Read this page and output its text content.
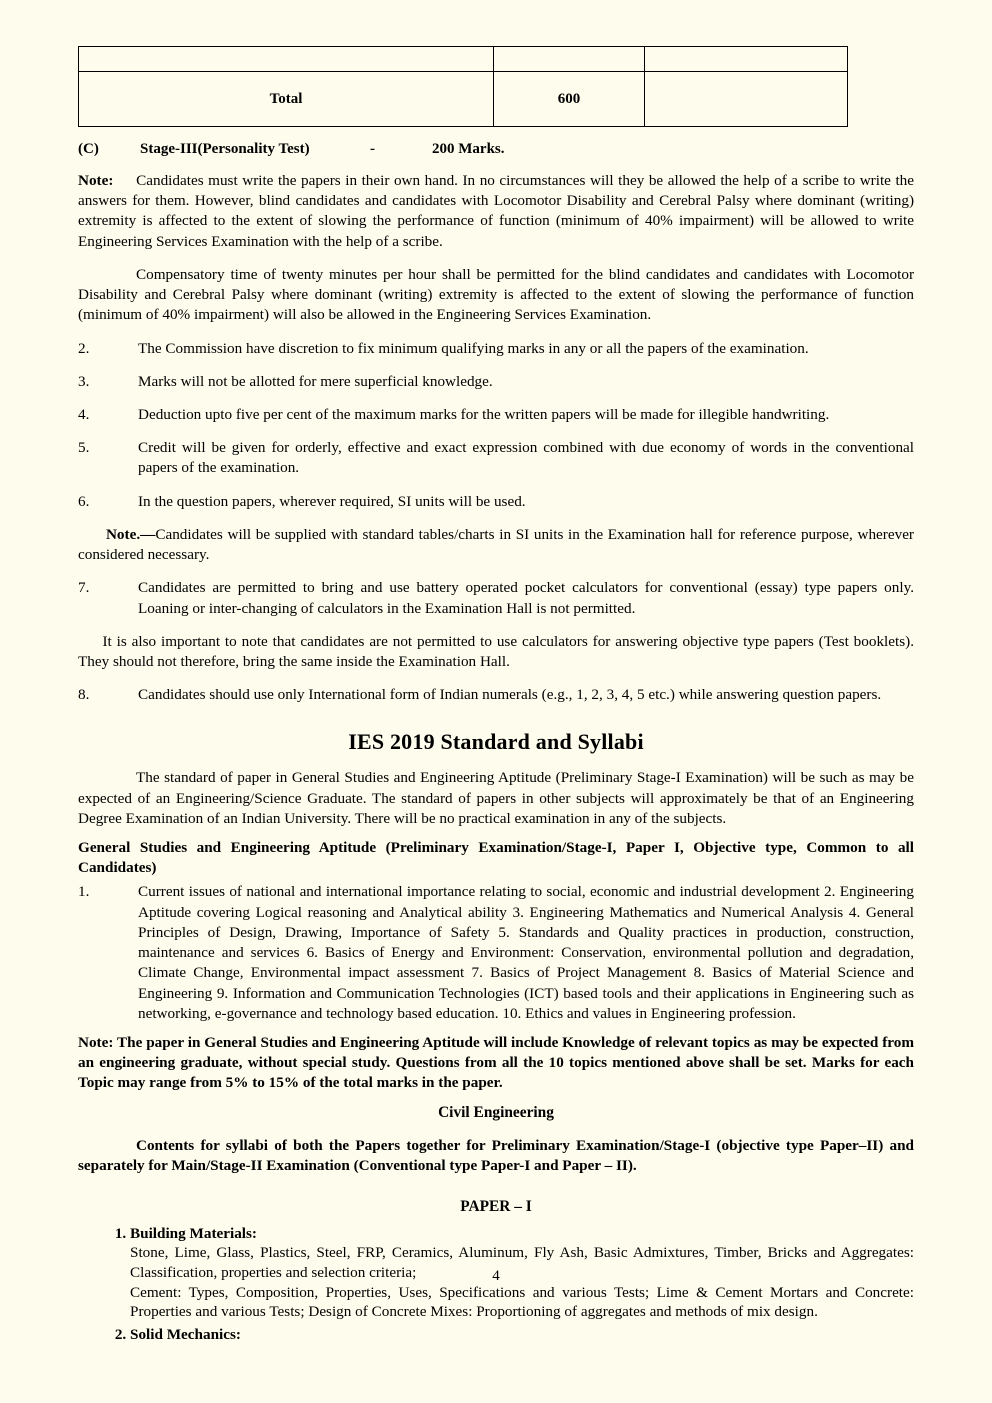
Total	600	
(C)	Stage-III(Personality Test)	-	200 Marks.

Note: Candidates must write the papers in their own hand. In no circumstances will they be allowed the help of a scribe to write the answers for them. However, blind candidates and candidates with Locomotor Disability and Cerebral Palsy where dominant (writing) extremity is affected to the extent of slowing the performance of function (minimum of 40% impairment) will be allowed to write Engineering Services Examination with the help of a scribe.

Compensatory time of twenty minutes per hour shall be permitted for the blind candidates and candidates with Locomotor Disability and Cerebral Palsy where dominant (writing) extremity is affected to the extent of slowing the performance of function (minimum of 40% impairment) will also be allowed in the Engineering Services Examination.

2.	The Commission have discretion to fix minimum qualifying marks in any or all the papers of the examination.
3.	Marks will not be allotted for mere superficial knowledge.
4.	Deduction upto five per cent of the maximum marks for the written papers will be made for illegible handwriting.
5.	Credit will be given for orderly, effective and exact expression combined with due economy of words in the conventional papers of the examination.
6.	In the question papers, wherever required, SI units will be used.

Note.—Candidates will be supplied with standard tables/charts in SI units in the Examination hall for reference purpose, wherever considered necessary.

7.	Candidates are permitted to bring and use battery operated pocket calculators for conventional (essay) type papers only. Loaning or inter-changing of calculators in the Examination Hall is not permitted.

It is also important to note that candidates are not permitted to use calculators for answering objective type papers (Test booklets). They should not therefore, bring the same inside the Examination Hall.

8.	Candidates should use only International form of Indian numerals (e.g., 1, 2, 3, 4, 5 etc.) while answering question papers.
IES 2019 Standard and Syllabi

The standard of paper in General Studies and Engineering Aptitude (Preliminary Stage-I Examination) will be such as may be expected of an Engineering/Science Graduate. The standard of papers in other subjects will approximately be that of an Engineering Degree Examination of an Indian University. There will be no practical examination in any of the subjects.

General Studies and Engineering Aptitude (Preliminary Examination/Stage-I, Paper I, Objective type, Common to all Candidates)

1.	Current issues of national and international importance relating to social, economic and industrial development 2. Engineering Aptitude covering Logical reasoning and Analytical ability 3. Engineering Mathematics and Numerical Analysis 4. General Principles of Design, Drawing, Importance of Safety 5. Standards and Quality practices in production, construction, maintenance and services 6. Basics of Energy and Environment: Conservation, environmental pollution and degradation, Climate Change, Environmental impact assessment 7. Basics of Project Management 8. Basics of Material Science and Engineering 9. Information and Communication Technologies (ICT) based tools and their applications in Engineering such as networking, e-governance and technology based education. 10. Ethics and values in Engineering profession.

Note: The paper in General Studies and Engineering Aptitude will include Knowledge of relevant topics as may be expected from an engineering graduate, without special study. Questions from all the 10 topics mentioned above shall be set. Marks for each Topic may range from 5% to 15% of the total marks in the paper.

Civil Engineering

Contents for syllabi of both the Papers together for Preliminary Examination/Stage-I (objective type Paper–II) and separately for Main/Stage-II Examination (Conventional type Paper-I and Paper – II).

PAPER – I

1. Building Materials:
Stone, Lime, Glass, Plastics, Steel, FRP, Ceramics, Aluminum, Fly Ash, Basic Admixtures, Timber, Bricks and Aggregates: Classification, properties and selection criteria;
Cement: Types, Composition, Properties, Uses, Specifications and various Tests; Lime & Cement Mortars and Concrete: Properties and various Tests; Design of Concrete Mixes: Proportioning of aggregates and methods of mix design.
2. Solid Mechanics:
4
